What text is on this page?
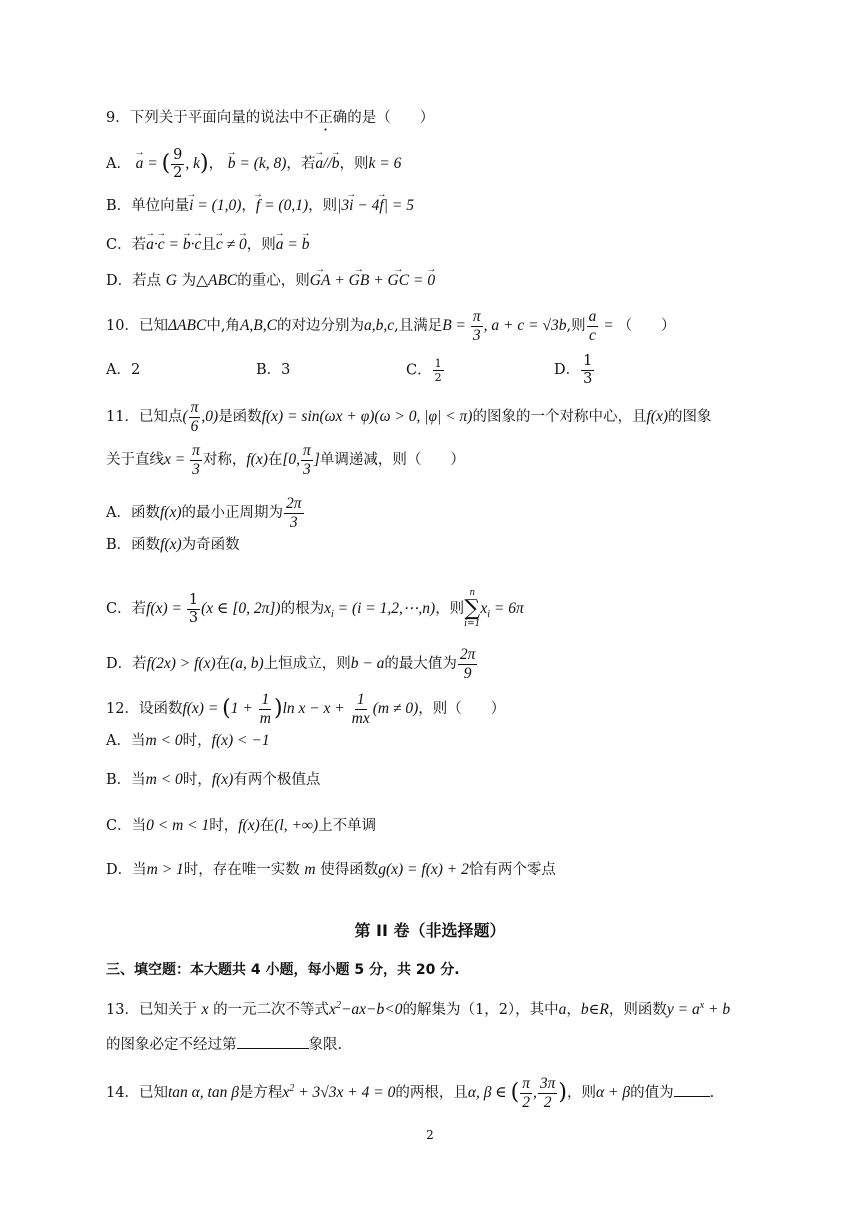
9．下列关于平面向量的说法中不正确的是（　　）
A． → a = ( $\frac{9}{2}$ , k)， → b = (k, 8)，若→ a//→ b，则k = 6
B．单位向量→ i = (1,0)，→ f = (0,1)，则|3→ i − 4→ f| = 5
C．若→ a·→ c = → b·→ c且→ c ≠ → 0，则→ a = → b
D．若点 G 为△ABC的重心，则→ GA + → GB + → GC = → 0
10．已知ΔABC中,角A,B,C的对边分别为a,b,c,且满足$B = \frac{\pi}{3}$ , a + c = √3b,则 $\frac{a}{c}$ = （　　）
A．2	B．3	C． $\frac{1}{2}$	D． $\frac{1}{3}$
11．已知点( $\frac{\pi}{6} ,0$)是函数f(x) = sin(ωx + φ)(ω > 0, |φ| < π)的图象的一个对称中心，且f(x)的图象
关于直线$x = \frac{\pi}{3}$ 对称，f(x)在[0, $\frac{\pi}{3}$ ]单调递减，则（　　）
A．函数f(x)的最小正周期为 $\frac{2\pi}{3}$
B．函数f(x)为奇函数
C．若$f(x) = \frac{1}{3} (x$ ∈ [0, 2π])的根为$x_i = (i$ = 1,2,⋯,n)，则
n
∑
i=1
$x_i = 6\pi$
D．若f(2x) > f(x)在(a, b)上恒成立，则b − a的最大值为 $\frac{2\pi}{9}$
12．设函数$f(x) = (1 + \frac{1}{m} )\ln$ $x - x + \frac{1}{mx} (m \ne 0)$，则（　　）
A．当m < 0时，f(x) < −1
B．当m < 0时，f(x)有两个极值点
C．当0 < m < 1时，f(x)在(l, +∞)上不单调
D．当m > 1时，存在唯一实数 m 使得函数g(x) = f(x) + 2恰有两个零点
第 II 卷（非选择题）
三、填空题：本大题共 4 小题，每小题 5 分，共 20 分.
13．已知关于 x 的一元二次不等式$x^2-ax-b<0$的解集为（1，2），其中a，b∈R，则函数$y = a^x + b$
的图象必定不经过第	象限.
14．已知tan α, tan β是方程$x^2 + 3√3x + 4 = 0$的两根，且α, β ∈ ( $\frac{\pi}{2}$ , $\frac{3\pi}{2}$ )，则α + β的值为 .
2
